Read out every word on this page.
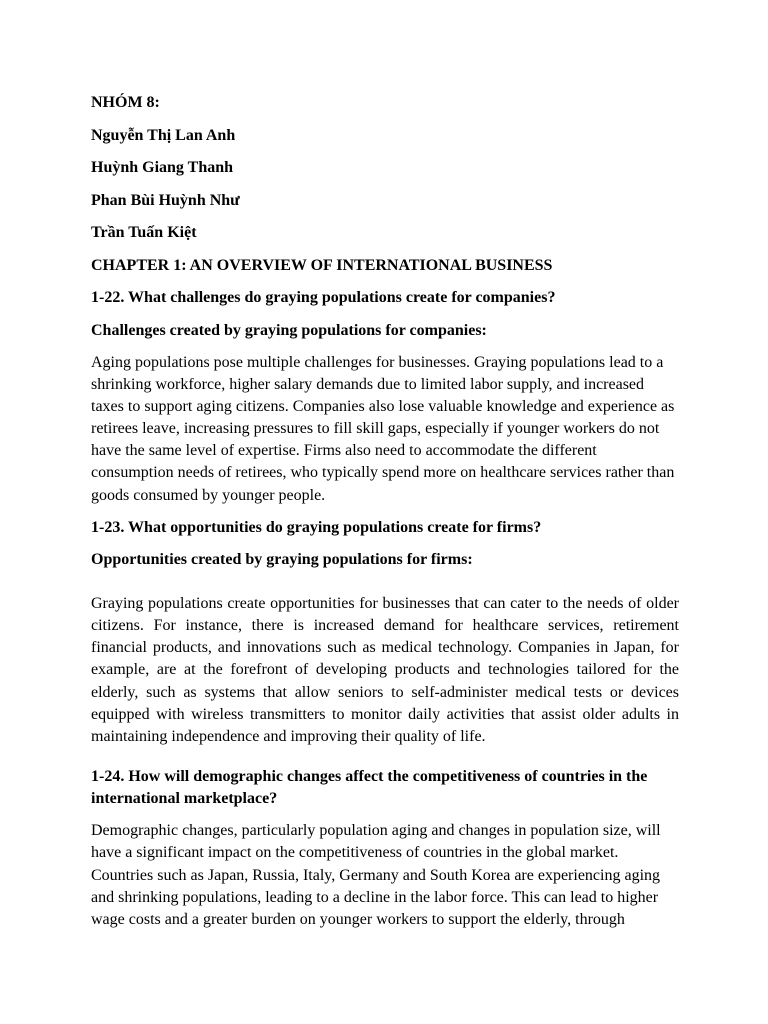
NHÓM 8:
Nguyễn Thị Lan Anh
Huỳnh Giang Thanh
Phan Bùi Huỳnh Như
Trần Tuấn Kiệt
CHAPTER 1: AN OVERVIEW OF INTERNATIONAL BUSINESS
1-22. What challenges do graying populations create for companies?
Challenges created by graying populations for companies:

Aging populations pose multiple challenges for businesses. Graying populations lead to a shrinking workforce, higher salary demands due to limited labor supply, and increased taxes to support aging citizens. Companies also lose valuable knowledge and experience as retirees leave, increasing pressures to fill skill gaps, especially if younger workers do not have the same level of expertise. Firms also need to accommodate the different consumption needs of retirees, who typically spend more on healthcare services rather than goods consumed by younger people.

1-23. What opportunities do graying populations create for firms?
Opportunities created by graying populations for firms:

Graying populations create opportunities for businesses that can cater to the needs of older citizens. For instance, there is increased demand for healthcare services, retirement financial products, and innovations such as medical technology. Companies in Japan, for example, are at the forefront of developing products and technologies tailored for the elderly, such as systems that allow seniors to self-administer medical tests or devices equipped with wireless transmitters to monitor daily activities that assist older adults in maintaining independence and improving their quality of life.

1-24. How will demographic changes affect the competitiveness of countries in the international marketplace?

Demographic changes, particularly population aging and changes in population size, will have a significant impact on the competitiveness of countries in the global market. Countries such as Japan, Russia, Italy, Germany and South Korea are experiencing aging and shrinking populations, leading to a decline in the labor force. This can lead to higher wage costs and a greater burden on younger workers to support the elderly, through
